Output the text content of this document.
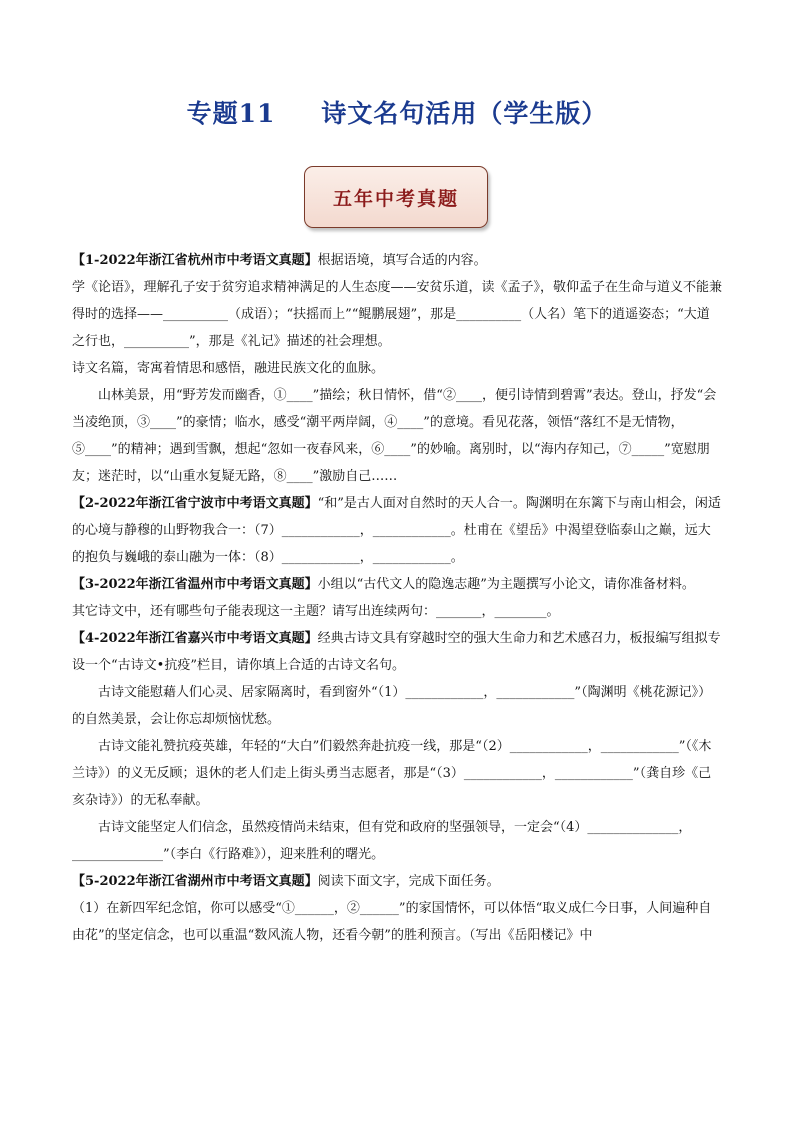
专题11 诗文名句活用（学生版）
五年中考真题

【1-2022年浙江省杭州市中考语文真题】根据语境，填写合适的内容。

学《论语》，理解孔子安于贫穷追求精神满足的人生态度——安贫乐道，读《孟子》，敬仰孟子在生命与道义不能兼得时的选择——__________（成语）；“扶摇而上”“鲲鹏展翅”，那是__________（人名）笔下的逍遥姿态；“大道之行也，__________”，那是《礼记》描述的社会理想。

诗文名篇，寄寓着情思和感悟，融进民族文化的血脉。

山林美景，用“野芳发而幽香，①____”描绘；秋日情怀，借“②____，便引诗情到碧霄”表达。登山，抒发“会当凌绝顶，③____”的豪情；临水，感受“潮平两岸阔，④____”的意境。看见花落，领悟“落红不是无情物，⑤____”的精神；遇到雪飘，想起“忽如一夜春风来，⑥____”的妙喻。离别时，以“海内存知己，⑦_____”宽慰朋友；迷茫时，以“山重水复疑无路，⑧____”激励自己……

【2-2022年浙江省宁波市中考语文真题】“和”是古人面对自然时的天人合一。陶渊明在东篱下与南山相会，闲适的心境与静穆的山野物我合一：（7）____________，____________。杜甫在《望岳》中渴望登临泰山之巅，远大的抱负与巍峨的泰山融为一体：（8）____________，____________。

【3-2022年浙江省温州市中考语文真题】小组以“古代文人的隐逸志趣”为主题撰写小论文，请你准备材料。

其它诗文中，还有哪些句子能表现这一主题？请写出连续两句：_______，________。

【4-2022年浙江省嘉兴市中考语文真题】经典古诗文具有穿越时空的强大生命力和艺术感召力，板报编写组拟专设一个“古诗文•抗疫”栏目，请你填上合适的古诗文名句。

古诗文能慰藉人们心灵、居家隔离时，看到窗外“（1）____________，____________”（陶渊明《桃花源记》）的自然美景，会让你忘却烦恼忧愁。

古诗文能礼赞抗疫英雄，年轻的“大白”们毅然奔赴抗疫一线，那是“（2）____________，____________”（《木兰诗》）的义无反顾；退休的老人们走上街头勇当志愿者，那是“（3）____________，____________”（龚自珍《己亥杂诗》）的无私奉献。

古诗文能坚定人们信念，虽然疫情尚未结束，但有党和政府的坚强领导，一定会“（4）______________，______________”（李白《行路难》），迎来胜利的曙光。

【5-2022年浙江省湖州市中考语文真题】阅读下面文字，完成下面任务。

（1）在新四军纪念馆，你可以感受“①______，②______”的家国情怀，可以体悟“取义成仁今日事，人间遍种自由花”的坚定信念，也可以重温“数风流人物，还看今朝”的胜利预言。（写出《岳阳楼记》中
